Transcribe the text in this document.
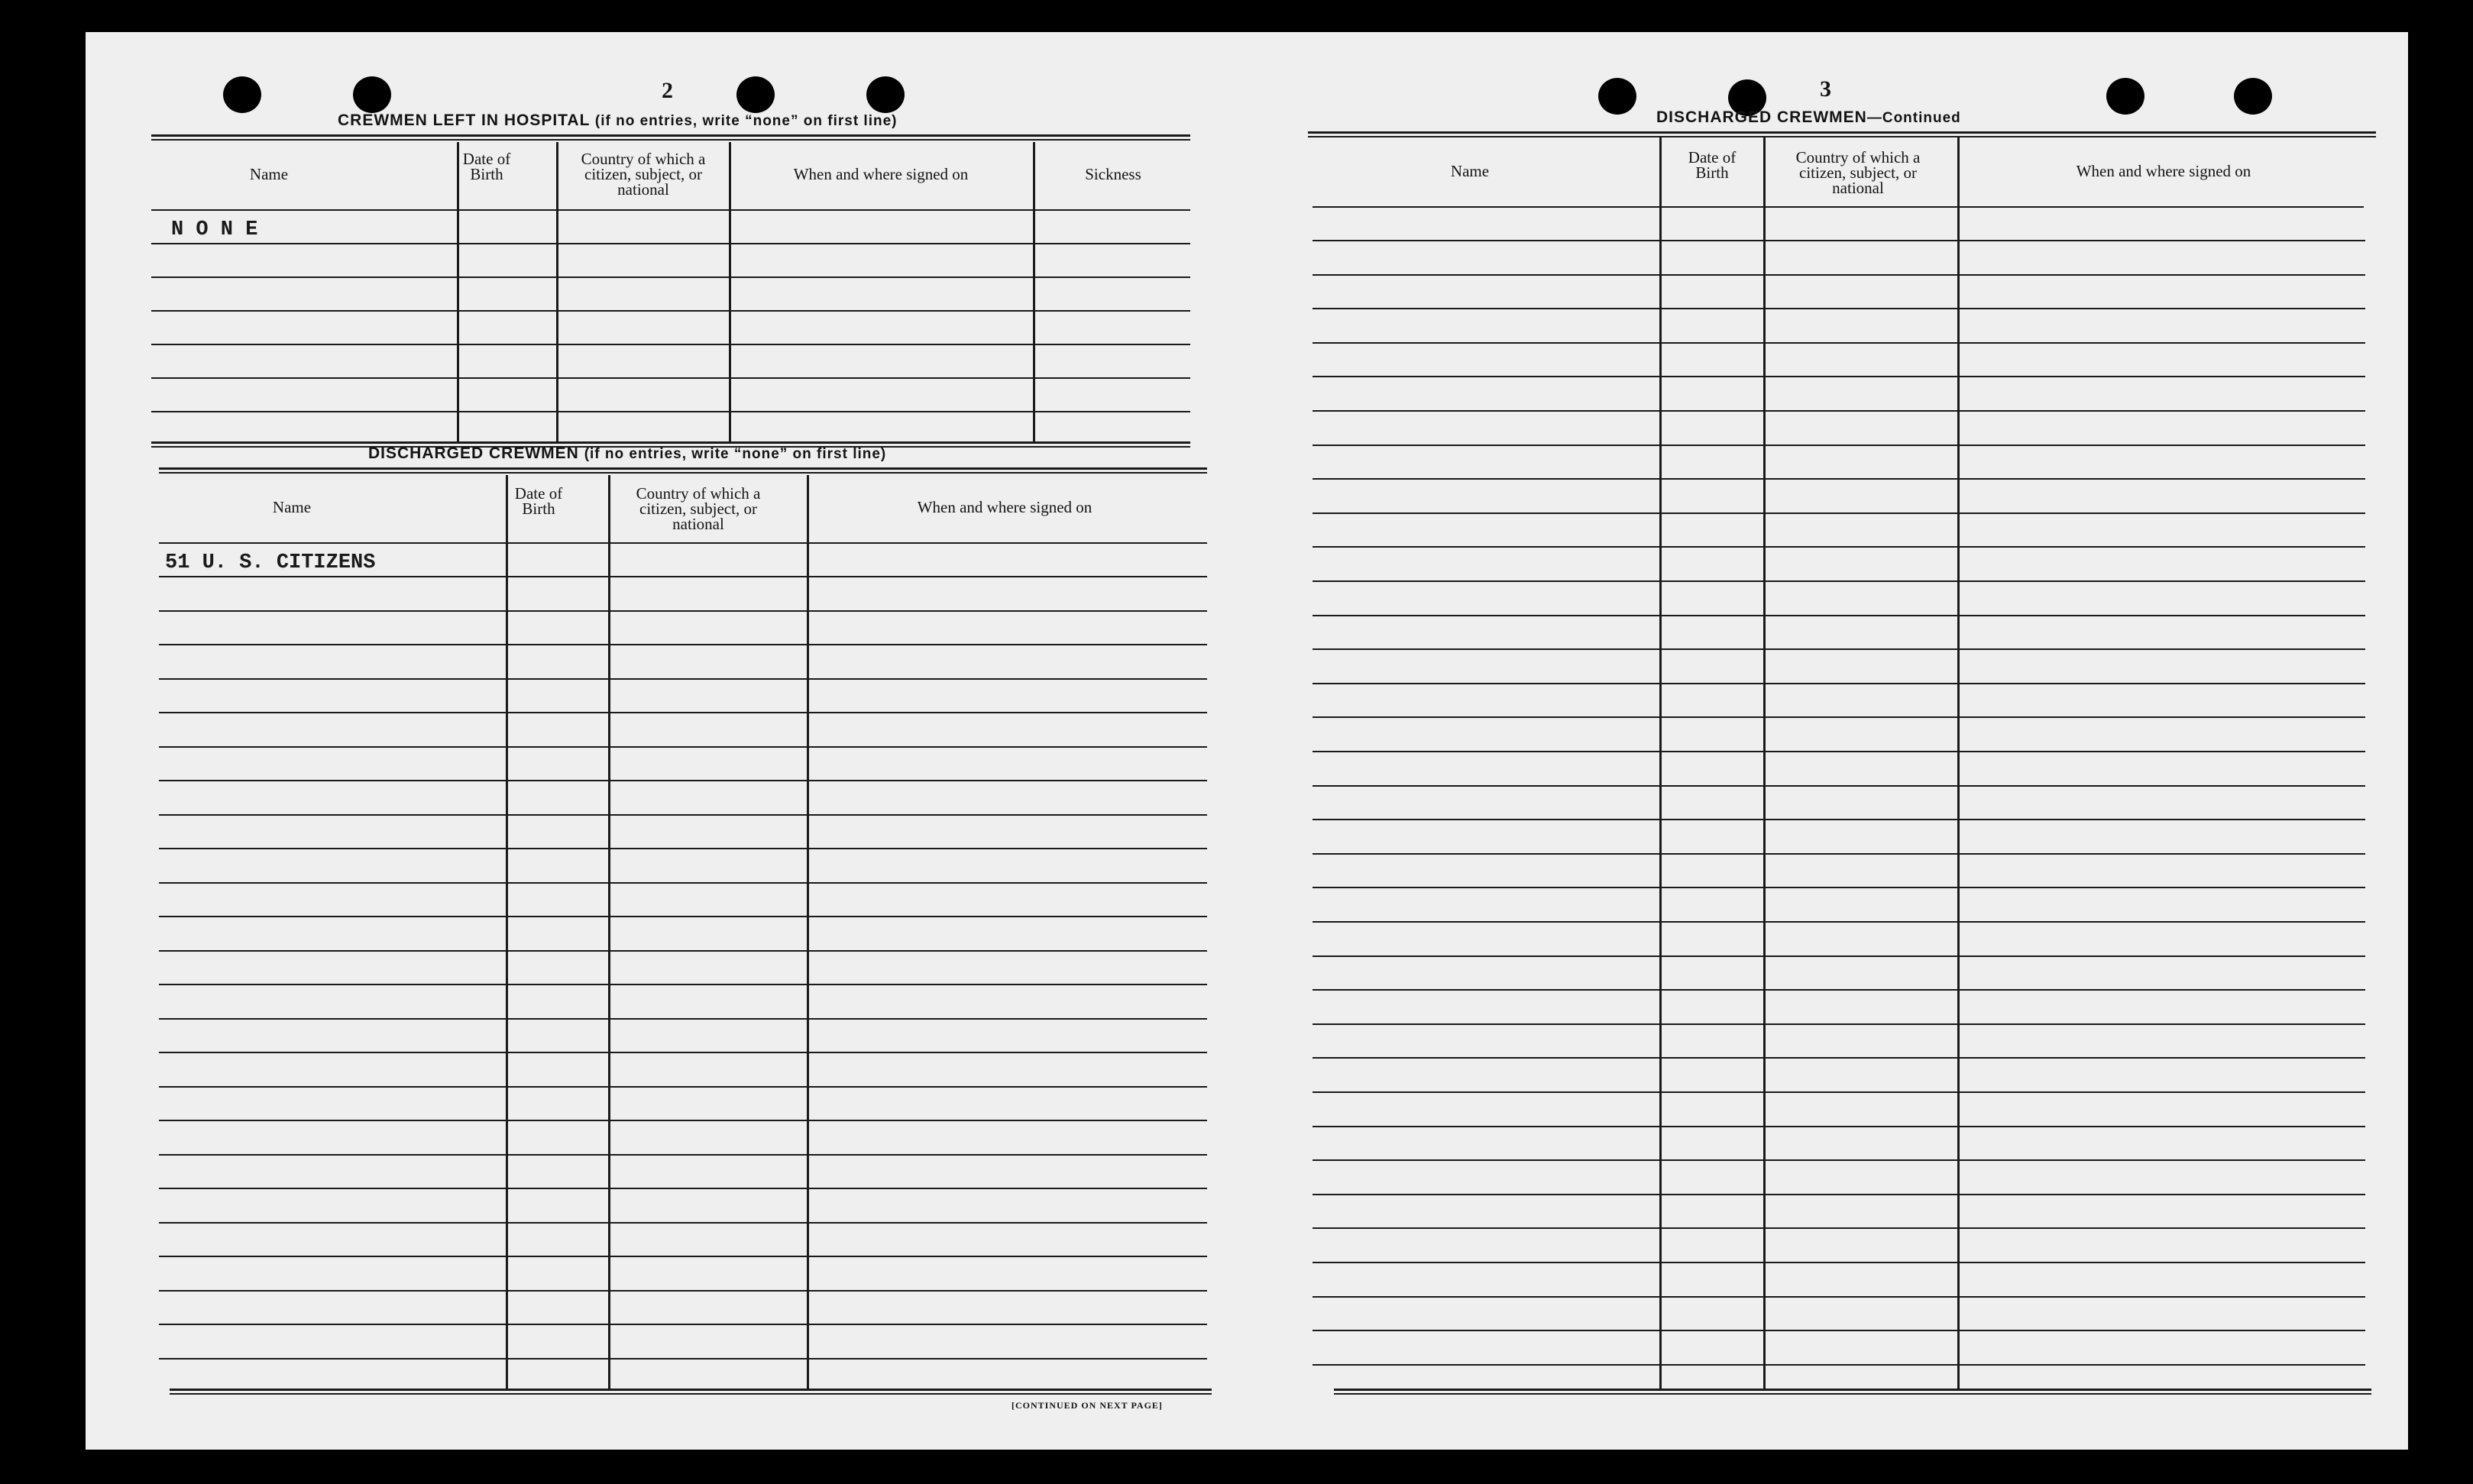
2
CREWMEN LEFT IN HOSPITAL (if no entries, write “none” on first line)
Name
Date of Birth
Country of which a citizen, subject, or national
When and where signed on	Sickness
N O N E
DISCHARGED CREWMEN (if no entries, write “none” on first line)
Name
Date of Birth
Country of which a citizen, subject, or national
When and where signed on
51 U. S. CITIZENS
[CONTINUED ON NEXT PAGE]
3
DISCHARGED CREWMEN—Continued
Name
Date of Birth
Country of which a citizen, subject, or national
When and where signed on
